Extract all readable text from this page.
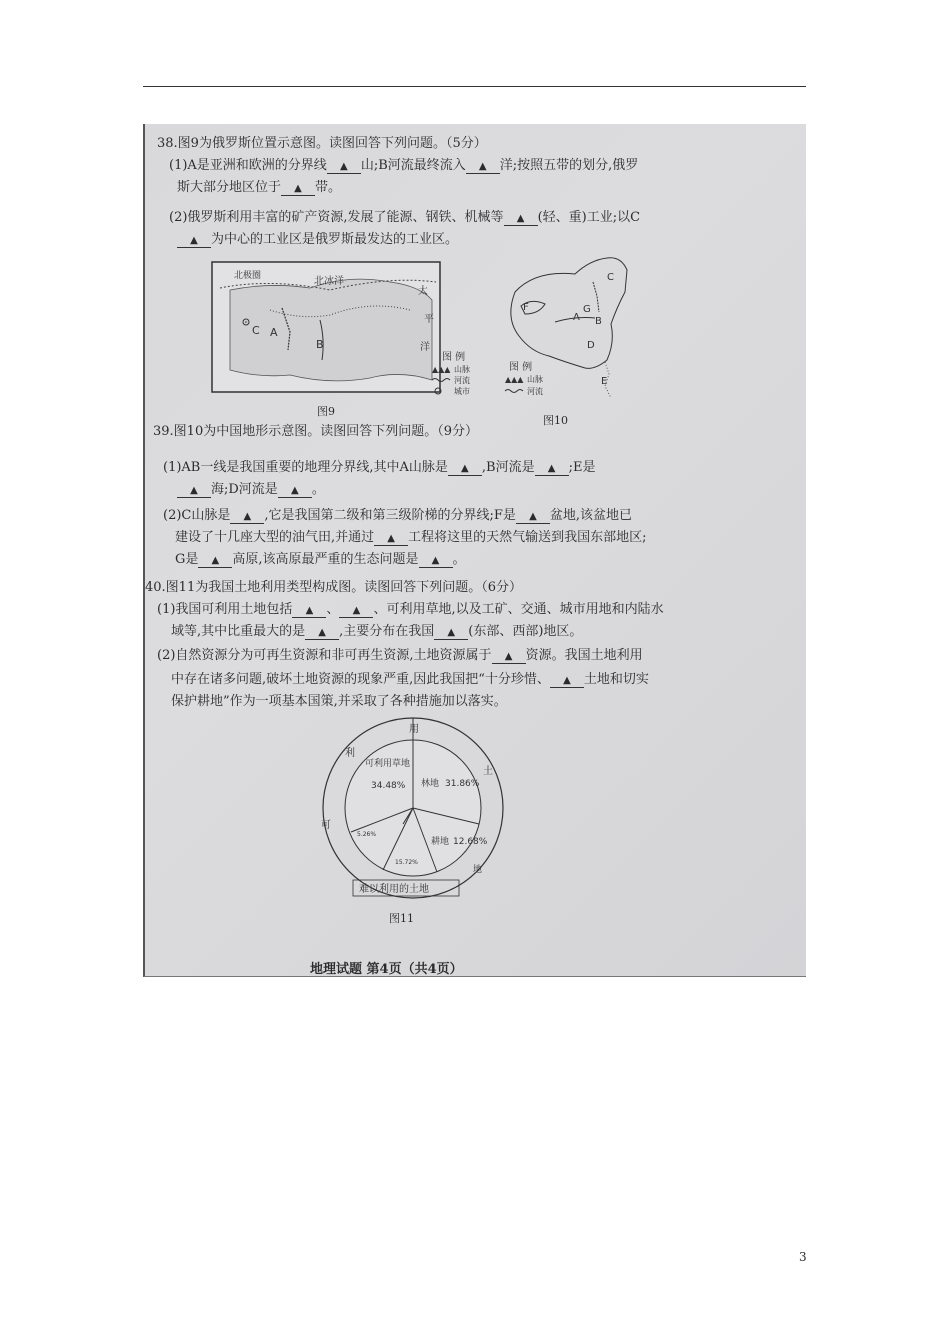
38.图9为俄罗斯位置示意图。读图回答下列问题。（5分）
(1)A是亚洲和欧洲的分界线 ▲ 山;B河流最终流入 ▲ 洋;按照五带的划分,俄罗
斯大部分地区位于 ▲ 带。
(2)俄罗斯利用丰富的矿产资源,发展了能源、钢铁、机械等 ▲ (轻、重)工业;以C
▲ 为中心的工业区是俄罗斯最发达的工业区。
39.图10为中国地形示意图。读图回答下列问题。（9分）
(1)AB一线是我国重要的地理分界线,其中A山脉是 ▲ ,B河流是 ▲ ;E是
▲ 海;D河流是 ▲ 。
(2)C山脉是 ▲ ,它是我国第二级和第三级阶梯的分界线;F是 ▲ 盆地,该盆地已
建设了十几座大型的油气田,并通过 ▲ 工程将这里的天然气输送到我国东部地区;
G是 ▲ 高原,该高原最严重的生态问题是 ▲ 。
40.图11为我国土地利用类型构成图。读图回答下列问题。（6分）
(1)我国可利用土地包括 ▲ 、 ▲ 、可利用草地,以及工矿、交通、城市用地和内陆水
域等,其中比重最大的是 ▲ ,主要分布在我国 ▲ (东部、西部)地区。
(2)自然资源分为可再生资源和非可再生资源,土地资源属于 ▲ 资源。我国土地利用
中存在诸多问题,破坏土地资源的现象严重,因此我国把“十分珍惜、 ▲ 土地和切实
保护耕地”作为一项基本国策,并采取了各种措施加以落实。
北极圈	北冰洋
太
平
洋
A
B
C
图 例
▲▲▲ 山脉
河流
城市
图9
F
C
A B
G
D
E
图 例
▲▲▲ 山脉
河流
图10
用
土
利
可
地
林地 31.86%
耕地 12.68%
15.72%
5.26%
可利用草地
34.48%
难以利用的土地
图11
地理试题 第4页（共4页）
3
